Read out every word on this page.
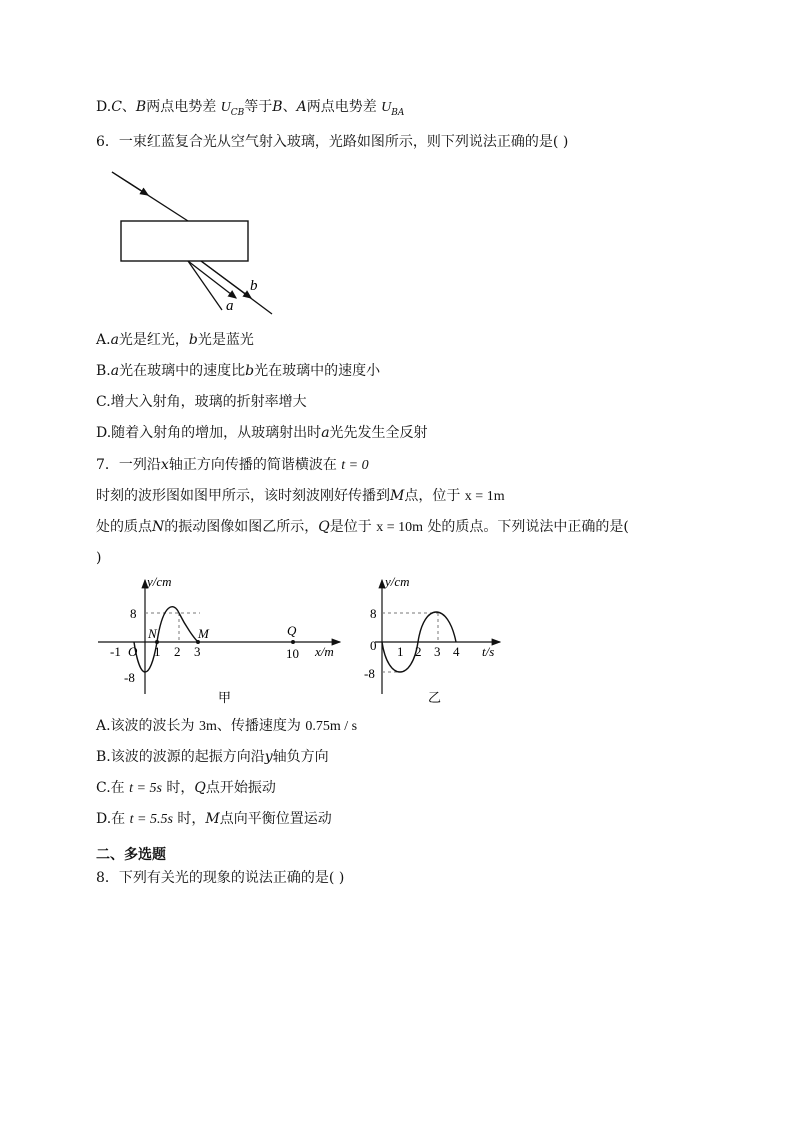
D.C、B两点电势差 $U_{CB}$等于B、A两点电势差 $U_{BA}$
6．一束红蓝复合光从空气射入玻璃，光路如图所示，则下列说法正确的是( )
a
b
A.a光是红光，b光是蓝光
B.a光在玻璃中的速度比b光在玻璃中的速度小
C.增大入射角，玻璃的折射率增大
D.随着入射角的增加，从玻璃射出时a光先发生全反射
7．一列沿x轴正方向传播的简谐横波在 t = 0
时刻的波形图如图甲所示，该时刻波刚好传播到M点，位于 x = 1m
处的质点N的振动图像如图乙所示，Q是位于 x = 10m 处的质点。下列说法中正确的是(
)
y/cm
x/m
8
-8
-1 O 1 2 3	10
N	M	Q
甲
y/cm
t/s
8
-8
0 1 2 3 4
乙
A.该波的波长为 3m、传播速度为 0.75m / s
B.该波的波源的起振方向沿y轴负方向
C.在 t = 5s 时，Q点开始振动
D.在 t = 5.5s 时，M点向平衡位置运动
二、多选题
8．下列有关光的现象的说法正确的是( )
